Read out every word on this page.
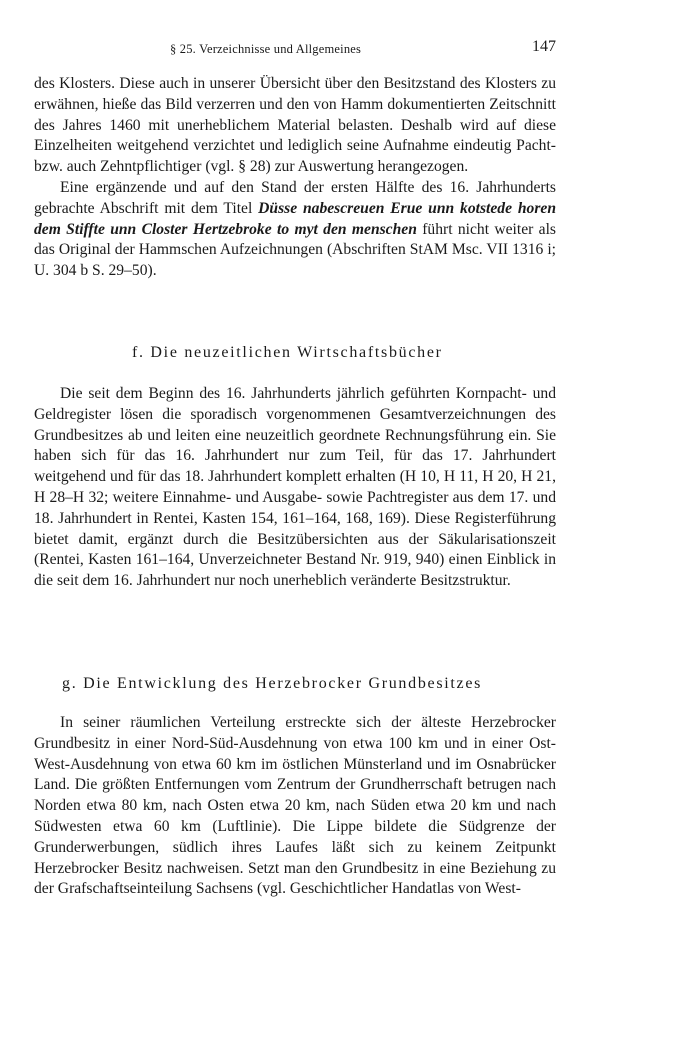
§ 25. Verzeichnisse und Allgemeines	147

des Klosters. Diese auch in unserer Übersicht über den Besitzstand des Klosters zu erwähnen, hieße das Bild verzerren und den von Hamm dokumentierten Zeitschnitt des Jahres 1460 mit unerheblichem Material belasten. Deshalb wird auf diese Einzelheiten weitgehend verzichtet und lediglich seine Aufnahme eindeutig Pacht- bzw. auch Zehntpflichtiger (vgl. § 28) zur Auswertung herangezogen.

Eine ergänzende und auf den Stand der ersten Hälfte des 16. Jahrhunderts gebrachte Abschrift mit dem Titel Düsse nabescreuen Erue unn kotstede horen dem Stiffte unn Closter Hertzebroke to myt den menschen führt nicht weiter als das Original der Hammschen Aufzeichnungen (Abschriften StAM Msc. VII 1316 i; U. 304 b S. 29–50).

f. Die neuzeitlichen Wirtschaftsbücher

Die seit dem Beginn des 16. Jahrhunderts jährlich geführten Kornpacht- und Geldregister lösen die sporadisch vorgenommenen Gesamtverzeichnungen des Grundbesitzes ab und leiten eine neuzeitlich geordnete Rechnungsführung ein. Sie haben sich für das 16. Jahrhundert nur zum Teil, für das 17. Jahrhundert weitgehend und für das 18. Jahrhundert komplett erhalten (H 10, H 11, H 20, H 21, H 28–H 32; weitere Einnahme- und Ausgabe- sowie Pachtregister aus dem 17. und 18. Jahrhundert in Rentei, Kasten 154, 161–164, 168, 169). Diese Registerführung bietet damit, ergänzt durch die Besitzübersichten aus der Säkularisationszeit (Rentei, Kasten 161–164, Unverzeichneter Bestand Nr. 919, 940) einen Einblick in die seit dem 16. Jahrhundert nur noch unerheblich veränderte Besitzstruktur.

g. Die Entwicklung des Herzebrocker Grundbesitzes

In seiner räumlichen Verteilung erstreckte sich der älteste Herzebrocker Grundbesitz in einer Nord-Süd-Ausdehnung von etwa 100 km und in einer Ost-West-Ausdehnung von etwa 60 km im östlichen Münsterland und im Osnabrücker Land. Die größten Entfernungen vom Zentrum der Grundherrschaft betrugen nach Norden etwa 80 km, nach Osten etwa 20 km, nach Süden etwa 20 km und nach Südwesten etwa 60 km (Luftlinie). Die Lippe bildete die Südgrenze der Grunderwerbungen, südlich ihres Laufes läßt sich zu keinem Zeitpunkt Herzebrocker Besitz nachweisen. Setzt man den Grundbesitz in eine Beziehung zu der Grafschaftseinteilung Sachsens (vgl. Geschichtlicher Handatlas von West-
